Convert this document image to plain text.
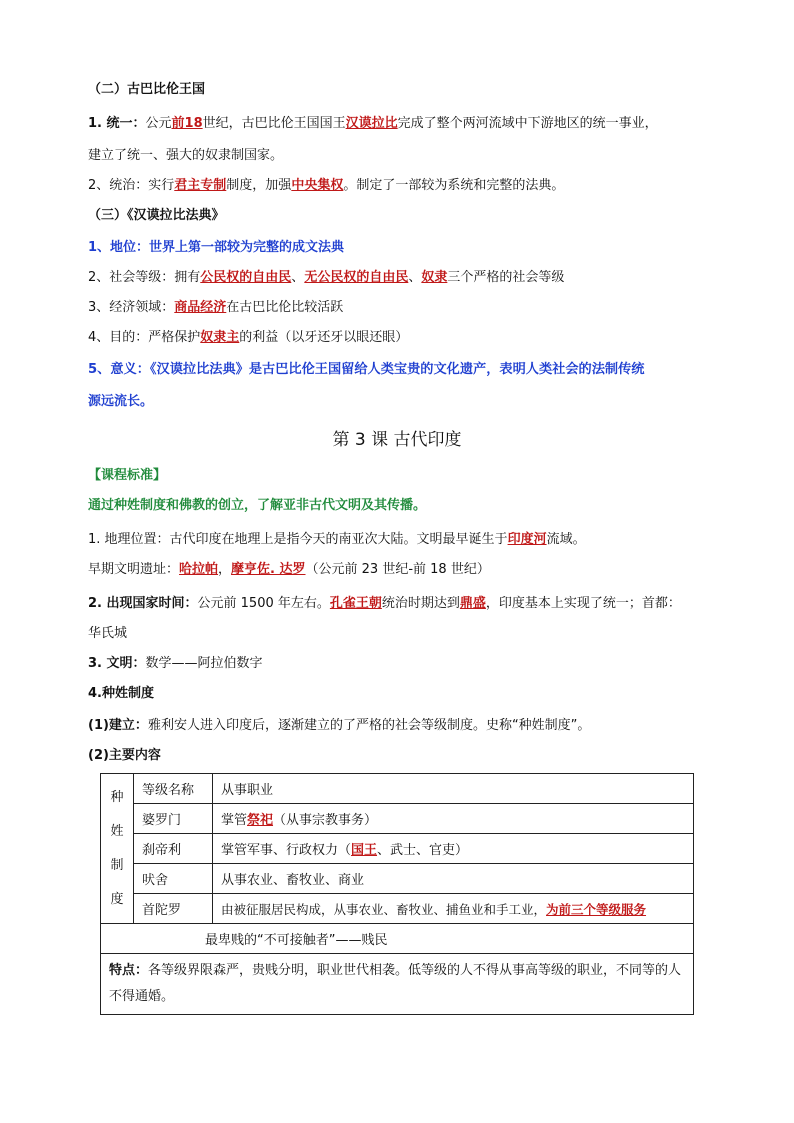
（二）古巴比伦王国
1. 统一：公元前18世纪，古巴比伦王国国王汉谟拉比完成了整个两河流域中下游地区的统一事业，
建立了统一、强大的奴隶制国家。
2、统治：实行君主专制制度，加强中央集权。制定了一部较为系统和完整的法典。
（三）《汉谟拉比法典》
1、地位：世界上第一部较为完整的成文法典
2、社会等级：拥有公民权的自由民、无公民权的自由民、奴隶三个严格的社会等级
3、经济领域：商品经济在古巴比伦比较活跃
4、目的：严格保护奴隶主的利益（以牙还牙以眼还眼）
5、意义：《汉谟拉比法典》是古巴比伦王国留给人类宝贵的文化遗产，表明人类社会的法制传统
源远流长。
第 3 课 古代印度
【课程标准】
通过种姓制度和佛教的创立，了解亚非古代文明及其传播。
1. 地理位置：古代印度在地理上是指今天的南亚次大陆。文明最早诞生于印度河流域。
早期文明遗址：哈拉帕，摩亨佐. 达罗（公元前 23 世纪-前 18 世纪）
2. 出现国家时间：公元前 1500 年左右。孔雀王朝统治时期达到鼎盛，印度基本上实现了统一；首都：
华氏城
3. 文明：数学——阿拉伯数字
4.种姓制度
(1)建立：雅利安人进入印度后，逐渐建立的了严格的社会等级制度。史称“种姓制度”。
(2)主要内容
种
姓
制
度	等级名称	从事职业
	婆罗门	掌管祭祀（从事宗教事务）
	刹帝利	掌管军事、行政权力（国王、武士、官吏）
	吠舍	从事农业、畜牧业、商业
	首陀罗	由被征服居民构成，从事农业、畜牧业、捕鱼业和手工业，为前三个等级服务
最卑贱的“不可接触者”——贱民		
特点：各等级界限森严，贵贱分明，职业世代相袭。低等级的人不得从事高等级的职业，不同等的人不得通婚。		
